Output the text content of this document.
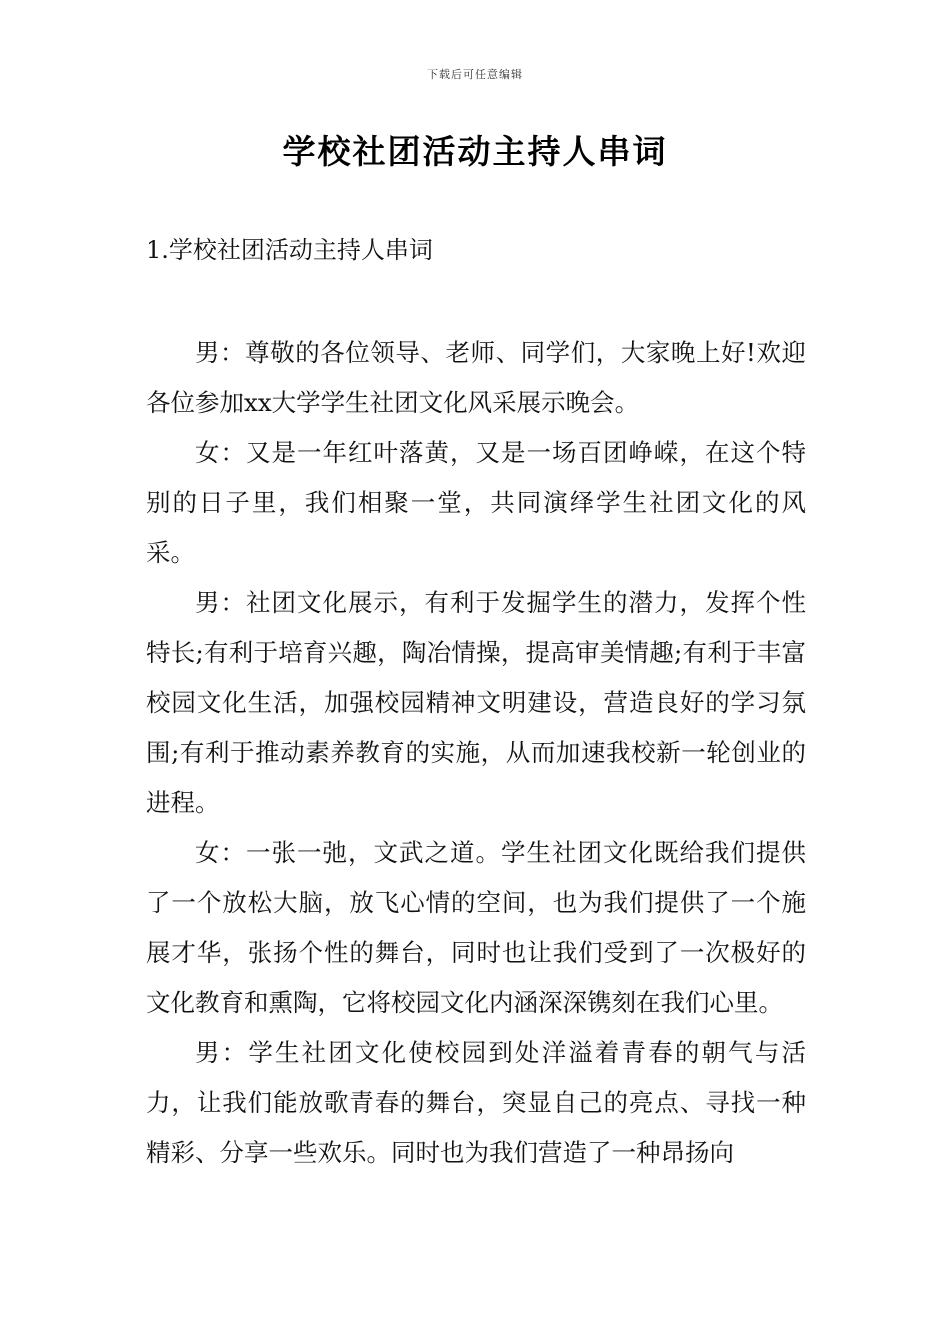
下载后可任意编辑
学校社团活动主持人串词
1.学校社团活动主持人串词

男：尊敬的各位领导、老师、同学们，大家晚上好!欢迎各位参加xx大学学生社团文化风采展示晚会。

女：又是一年红叶落黄，又是一场百团峥嵘，在这个特别的日子里，我们相聚一堂，共同演绎学生社团文化的风采。

男：社团文化展示，有利于发掘学生的潜力，发挥个性特长;有利于培育兴趣，陶冶情操，提高审美情趣;有利于丰富校园文化生活，加强校园精神文明建设，营造良好的学习氛围;有利于推动素养教育的实施，从而加速我校新一轮创业的进程。

女：一张一弛，文武之道。学生社团文化既给我们提供了一个放松大脑，放飞心情的空间，也为我们提供了一个施展才华，张扬个性的舞台，同时也让我们受到了一次极好的文化教育和熏陶，它将校园文化内涵深深镌刻在我们心里。

男：学生社团文化使校园到处洋溢着青春的朝气与活力，让我们能放歌青春的舞台，突显自己的亮点、寻找一种精彩、分享一些欢乐。同时也为我们营造了一种昂扬向
